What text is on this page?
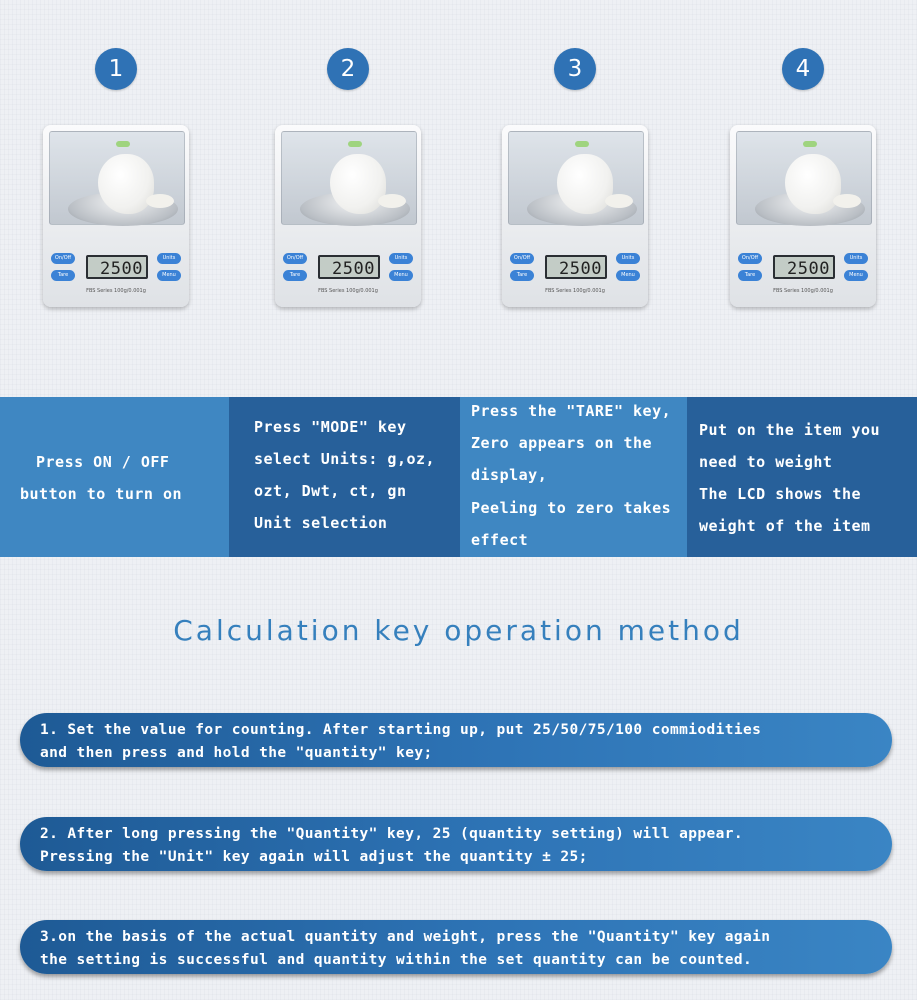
1
On/Off
Tare	2500
Units
Menu
FBS Series 100g/0.001g
2
On/Off
Tare	2500
Units
Menu
FBS Series 100g/0.001g
3
On/Off
Tare	2500
Units
Menu
FBS Series 100g/0.001g
4
On/Off
Tare	2500
Units
Menu
FBS Series 100g/0.001g
Press ON / OFF
button to turn on
Press "MODE" key
select Units: g,oz,
ozt, Dwt, ct, gn
Unit selection
Press the "TARE" key,
Zero appears on the
display,
Peeling to zero takes
effect
Put on the item you
need to weight
The LCD shows the
weight of the item
Calculation key operation method
1. Set the value for counting. After starting up, put 25/50/75/100 commiodities
and then press and hold the "quantity" key;
2. After long pressing the "Quantity" key, 25 (quantity setting) will appear.
Pressing the "Unit" key again will adjust the quantity ± 25;
3.on the basis of the actual quantity and weight, press the "Quantity" key again
the setting is successful and quantity within the set quantity can be counted.
